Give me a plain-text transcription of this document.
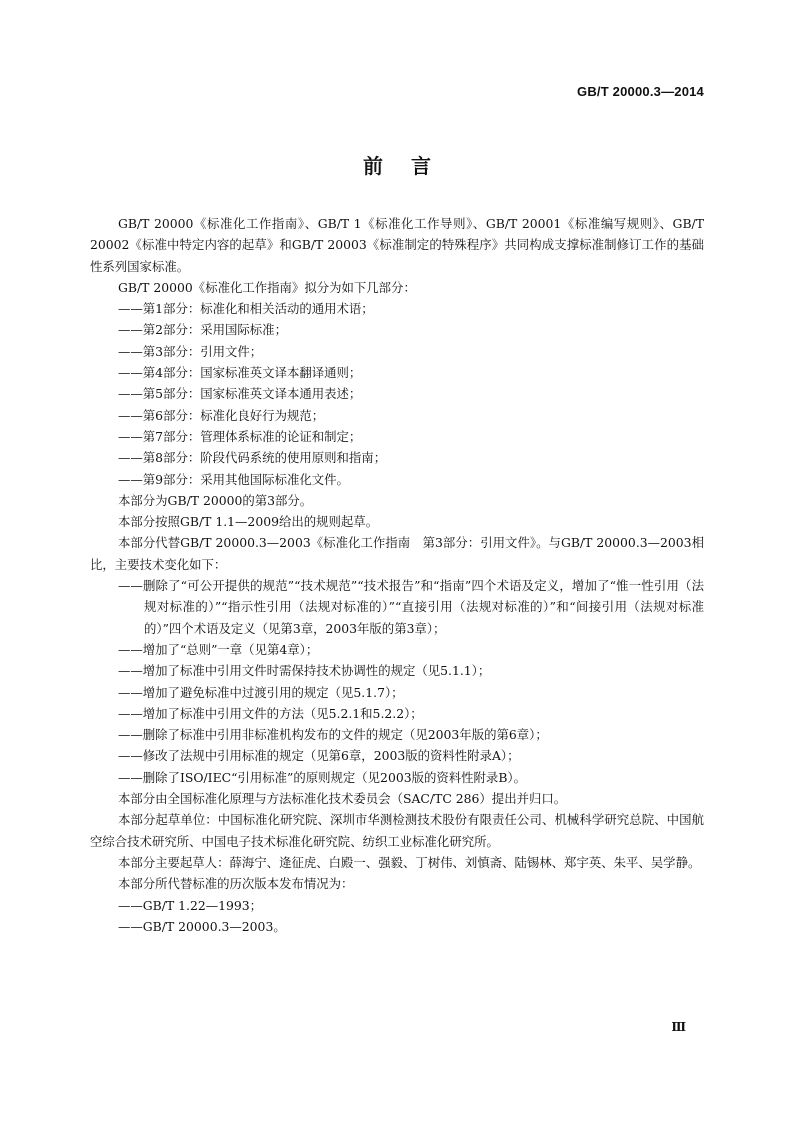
GB/T 20000.3—2014
前言

GB/T 20000《标准化工作指南》、GB/T 1《标准化工作导则》、GB/T 20001《标准编写规则》、GB/T 20002《标准中特定内容的起草》和GB/T 20003《标准制定的特殊程序》共同构成支撑标准制修订工作的基础性系列国家标准。

GB/T 20000《标准化工作指南》拟分为如下几部分：

——第1部分：标准化和相关活动的通用术语；

——第2部分：采用国际标准；

——第3部分：引用文件；

——第4部分：国家标准英文译本翻译通则；

——第5部分：国家标准英文译本通用表述；

——第6部分：标准化良好行为规范；

——第7部分：管理体系标准的论证和制定；

——第8部分：阶段代码系统的使用原则和指南；

——第9部分：采用其他国际标准化文件。

本部分为GB/T 20000的第3部分。

本部分按照GB/T 1.1—2009给出的规则起草。

本部分代替GB/T 20000.3—2003《标准化工作指南　第3部分：引用文件》。与GB/T 20000.3—2003相比，主要技术变化如下：

——删除了“可公开提供的规范”“技术规范”“技术报告”和“指南”四个术语及定义，增加了“惟一性引用（法规对标准的）”“指示性引用（法规对标准的）”“直接引用（法规对标准的）”和“间接引用（法规对标准的）”四个术语及定义（见第3章，2003年版的第3章）；

——增加了“总则”一章（见第4章）；

——增加了标准中引用文件时需保持技术协调性的规定（见5.1.1）；

——增加了避免标准中过渡引用的规定（见5.1.7）；

——增加了标准中引用文件的方法（见5.2.1和5.2.2）；

——删除了标准中引用非标准机构发布的文件的规定（见2003年版的第6章）；

——修改了法规中引用标准的规定（见第6章，2003版的资料性附录A）；

——删除了ISO/IEC“引用标准”的原则规定（见2003版的资料性附录B）。

本部分由全国标准化原理与方法标准化技术委员会（SAC/TC 286）提出并归口。

本部分起草单位：中国标准化研究院、深圳市华测检测技术股份有限责任公司、机械科学研究总院、中国航空综合技术研究所、中国电子技术标准化研究院、纺织工业标准化研究所。

本部分主要起草人：薛海宁、逄征虎、白殿一、强毅、丁树伟、刘慎斋、陆锡林、郑宇英、朱平、吴学静。

本部分所代替标准的历次版本发布情况为：

——GB/T 1.22—1993；

——GB/T 20000.3—2003。

Ⅲ
